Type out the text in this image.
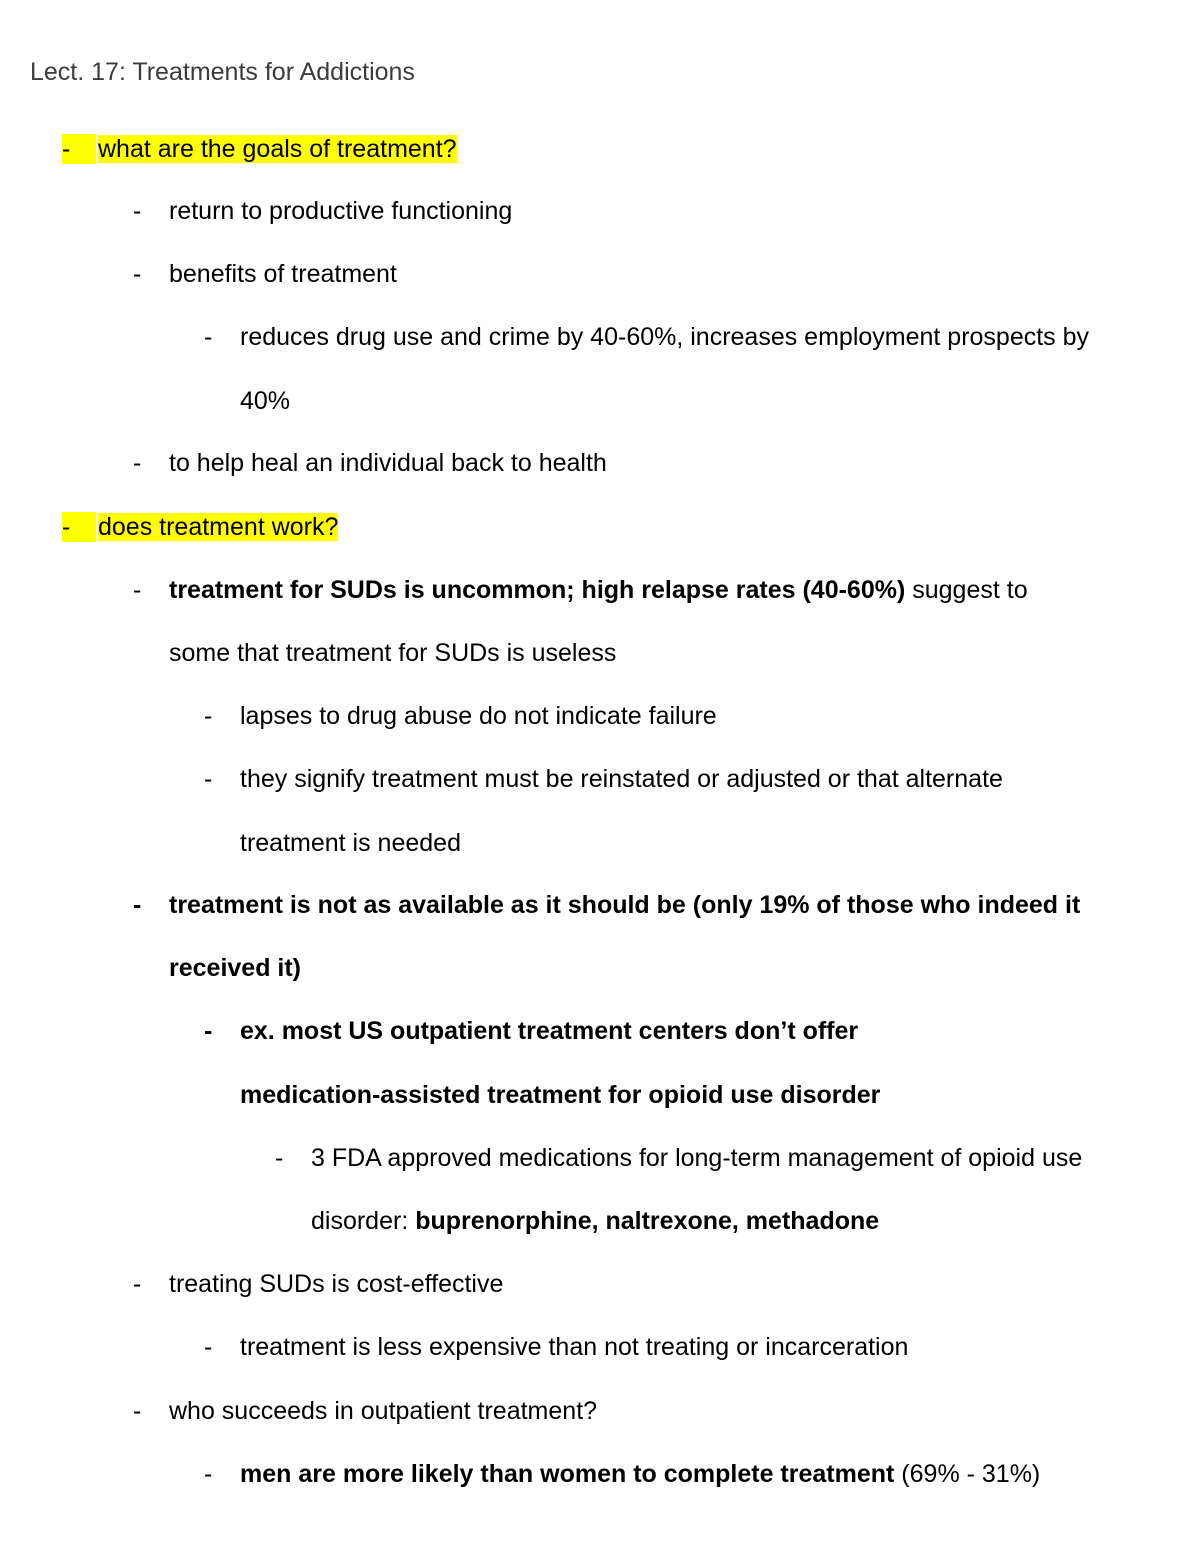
Lect. 17: Treatments for Addictions
-	what are the goals of treatment?
- return to productive functioning
- benefits of treatment
- reduces drug use and crime by 40-60%, increases employment prospects by
40%
- to help heal an individual back to health
-	does treatment work?
- treatment for SUDs is uncommon; high relapse rates (40-60%) suggest to
some that treatment for SUDs is useless
- lapses to drug abuse do not indicate failure
- they signify treatment must be reinstated or adjusted or that alternate
treatment is needed
- treatment is not as available as it should be (only 19% of those who indeed it
received it)
- ex. most US outpatient treatment centers don’t offer
medication-assisted treatment for opioid use disorder
- 3 FDA approved medications for long-term management of opioid use
disorder: buprenorphine, naltrexone, methadone
- treating SUDs is cost-effective
- treatment is less expensive than not treating or incarceration
- who succeeds in outpatient treatment?
- men are more likely than women to complete treatment (69% - 31%)
